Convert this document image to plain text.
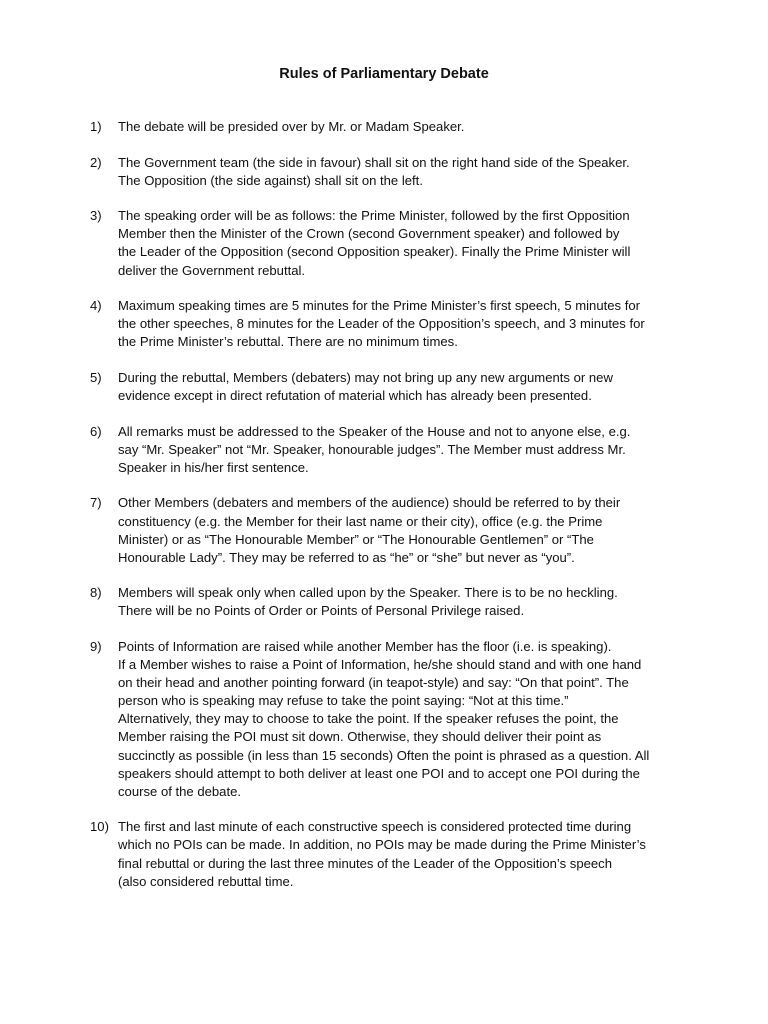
Rules of Parliamentary Debate
1)	The debate will be presided over by Mr. or Madam Speaker.
2)	The Government team (the side in favour) shall sit on the right hand side of the Speaker.
The Opposition (the side against) shall sit on the left.
3)	The speaking order will be as follows: the Prime Minister, followed by the first Opposition
Member then the Minister of the Crown (second Government speaker) and followed by
the Leader of the Opposition (second Opposition speaker). Finally the Prime Minister will
deliver the Government rebuttal.
4)	Maximum speaking times are 5 minutes for the Prime Minister’s first speech, 5 minutes for
the other speeches, 8 minutes for the Leader of the Opposition’s speech, and 3 minutes for
the Prime Minister’s rebuttal. There are no minimum times.
5)	During the rebuttal, Members (debaters) may not bring up any new arguments or new
evidence except in direct refutation of material which has already been presented.
6)	All remarks must be addressed to the Speaker of the House and not to anyone else, e.g.
say “Mr. Speaker” not “Mr. Speaker, honourable judges”. The Member must address Mr.
Speaker in his/her first sentence.
7)	Other Members (debaters and members of the audience) should be referred to by their
constituency (e.g. the Member for their last name or their city), office (e.g. the Prime
Minister) or as “The Honourable Member” or “The Honourable Gentlemen” or “The
Honourable Lady”. They may be referred to as “he” or “she” but never as “you”.
8)	Members will speak only when called upon by the Speaker. There is to be no heckling.
There will be no Points of Order or Points of Personal Privilege raised.
9)	Points of Information are raised while another Member has the floor (i.e. is speaking).
If a Member wishes to raise a Point of Information, he/she should stand and with one hand
on their head and another pointing forward (in teapot-style) and say: “On that point”. The
person who is speaking may refuse to take the point saying: “Not at this time.”
Alternatively, they may to choose to take the point. If the speaker refuses the point, the
Member raising the POI must sit down. Otherwise, they should deliver their point as
succinctly as possible (in less than 15 seconds) Often the point is phrased as a question. All
speakers should attempt to both deliver at least one POI and to accept one POI during the
course of the debate.
10) The first and last minute of each constructive speech is considered protected time during
which no POIs can be made. In addition, no POIs may be made during the Prime Minister’s
final rebuttal or during the last three minutes of the Leader of the Opposition’s speech
(also considered rebuttal time.
